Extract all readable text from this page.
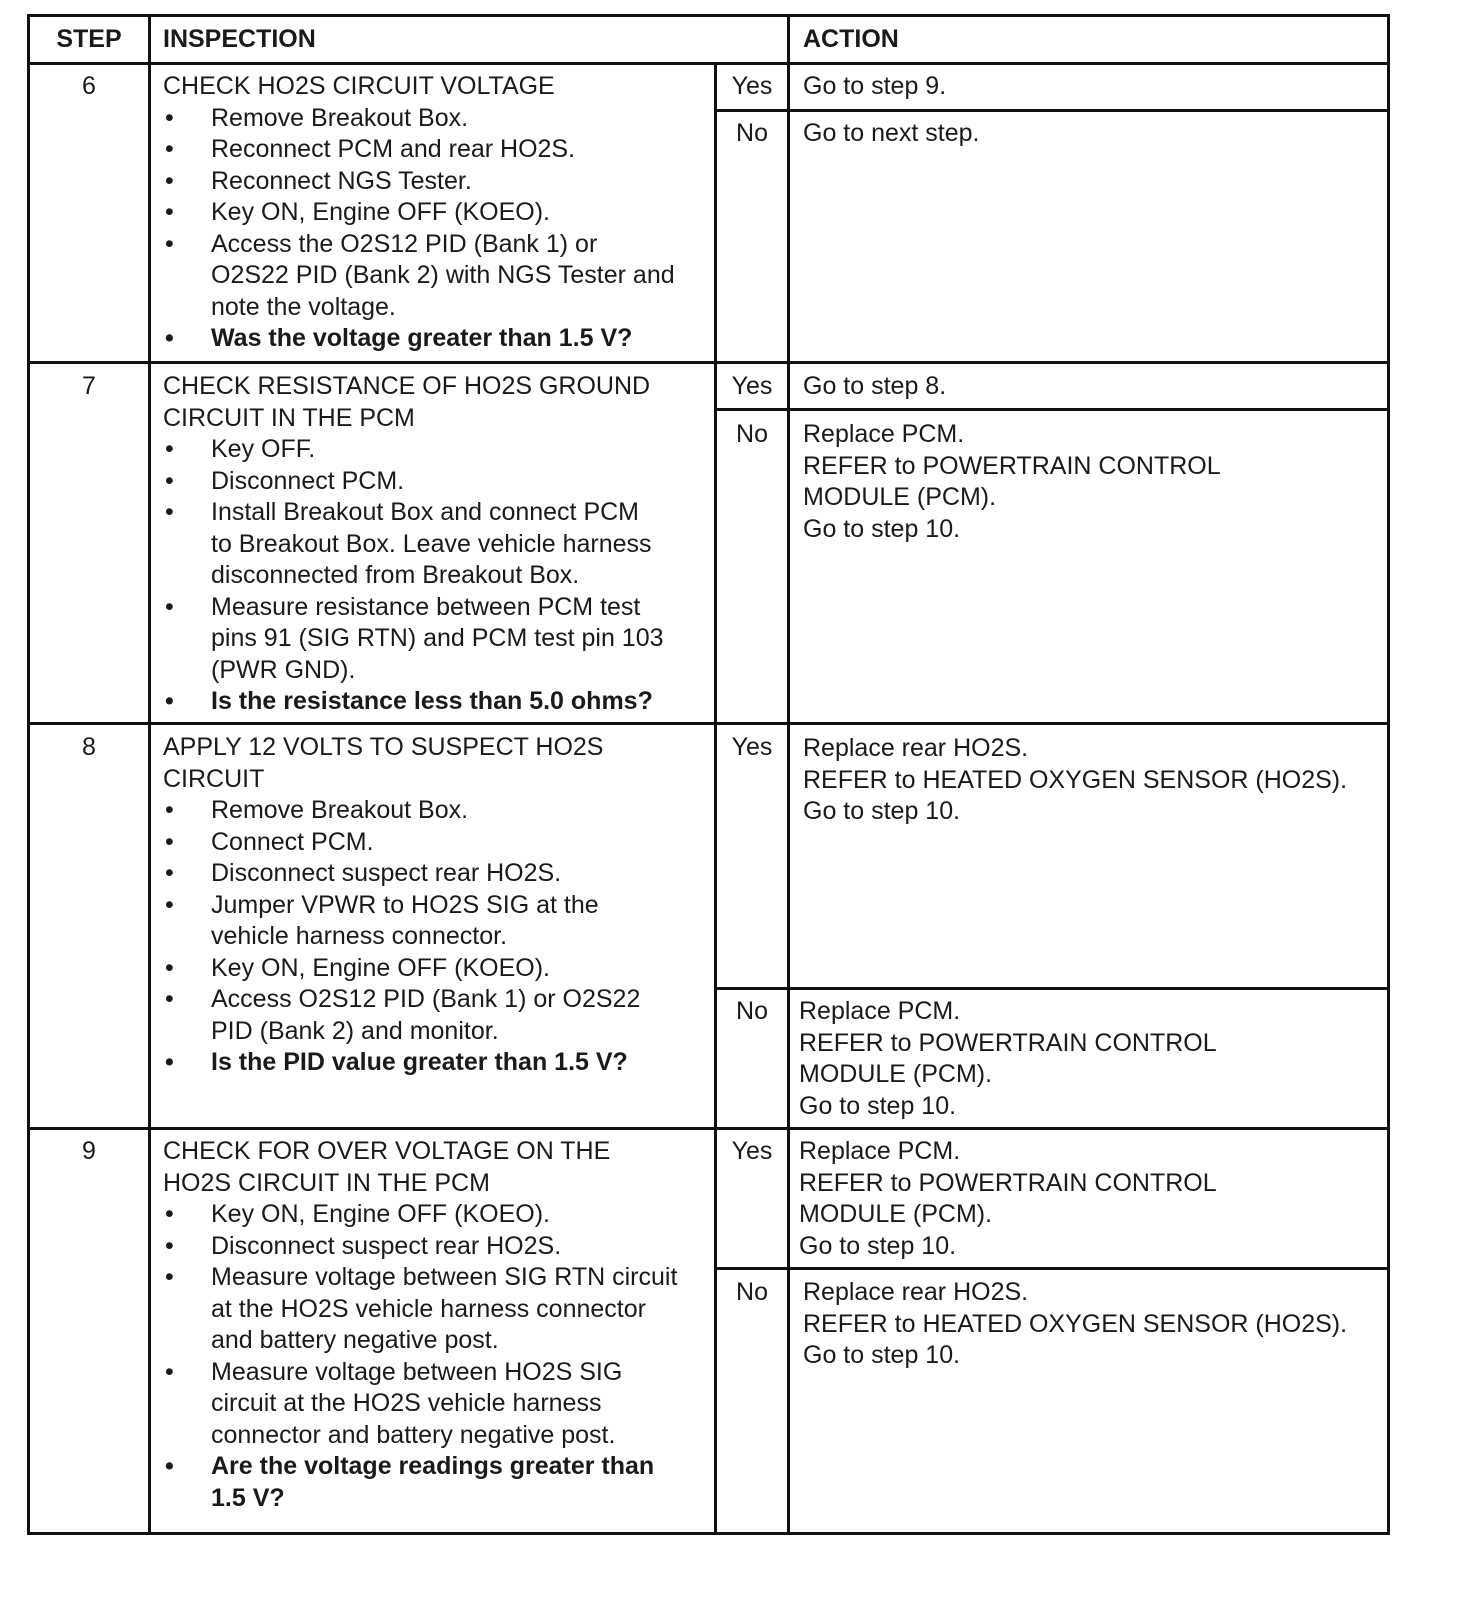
STEP	INSPECTION	ACTION
6	CHECK HO2S CIRCUIT VOLTAGE
• Remove Breakout Box.
• Reconnect PCM and rear HO2S.
• Reconnect NGS Tester.
• Key ON, Engine OFF (KOEO).
• Access the O2S12 PID (Bank 1) or
O2S22 PID (Bank 2) with NGS Tester and
note the voltage.
• Was the voltage greater than 1.5 V?
Yes	Go to step 9.
No	Go to next step.
7	CHECK RESISTANCE OF HO2S GROUND
CIRCUIT IN THE PCM
• Key OFF.
• Disconnect PCM.
• Install Breakout Box and connect PCM
to Breakout Box. Leave vehicle harness
disconnected from Breakout Box.
• Measure resistance between PCM test
pins 91 (SIG RTN) and PCM test pin 103
(PWR GND).
• Is the resistance less than 5.0 ohms?
Yes	Go to step 8.
No	Replace PCM.
REFER to POWERTRAIN CONTROL
MODULE (PCM).
Go to step 10.
8	APPLY 12 VOLTS TO SUSPECT HO2S
CIRCUIT
• Remove Breakout Box.
• Connect PCM.
• Disconnect suspect rear HO2S.
• Jumper VPWR to HO2S SIG at the
vehicle harness connector.
• Key ON, Engine OFF (KOEO).
• Access O2S12 PID (Bank 1) or O2S22
PID (Bank 2) and monitor.
• Is the PID value greater than 1.5 V?
Yes	Replace rear HO2S.
REFER to HEATED OXYGEN SENSOR (HO2S).
Go to step 10.
No	Replace PCM.
REFER to POWERTRAIN CONTROL
MODULE (PCM).
Go to step 10.
9	CHECK FOR OVER VOLTAGE ON THE
HO2S CIRCUIT IN THE PCM
• Key ON, Engine OFF (KOEO).
• Disconnect suspect rear HO2S.
• Measure voltage between SIG RTN circuit
at the HO2S vehicle harness connector
and battery negative post.
• Measure voltage between HO2S SIG
circuit at the HO2S vehicle harness
connector and battery negative post.
• Are the voltage readings greater than
1.5 V?
Yes	Replace PCM.
REFER to POWERTRAIN CONTROL
MODULE (PCM).
Go to step 10.
No	Replace rear HO2S.
REFER to HEATED OXYGEN SENSOR (HO2S).
Go to step 10.
